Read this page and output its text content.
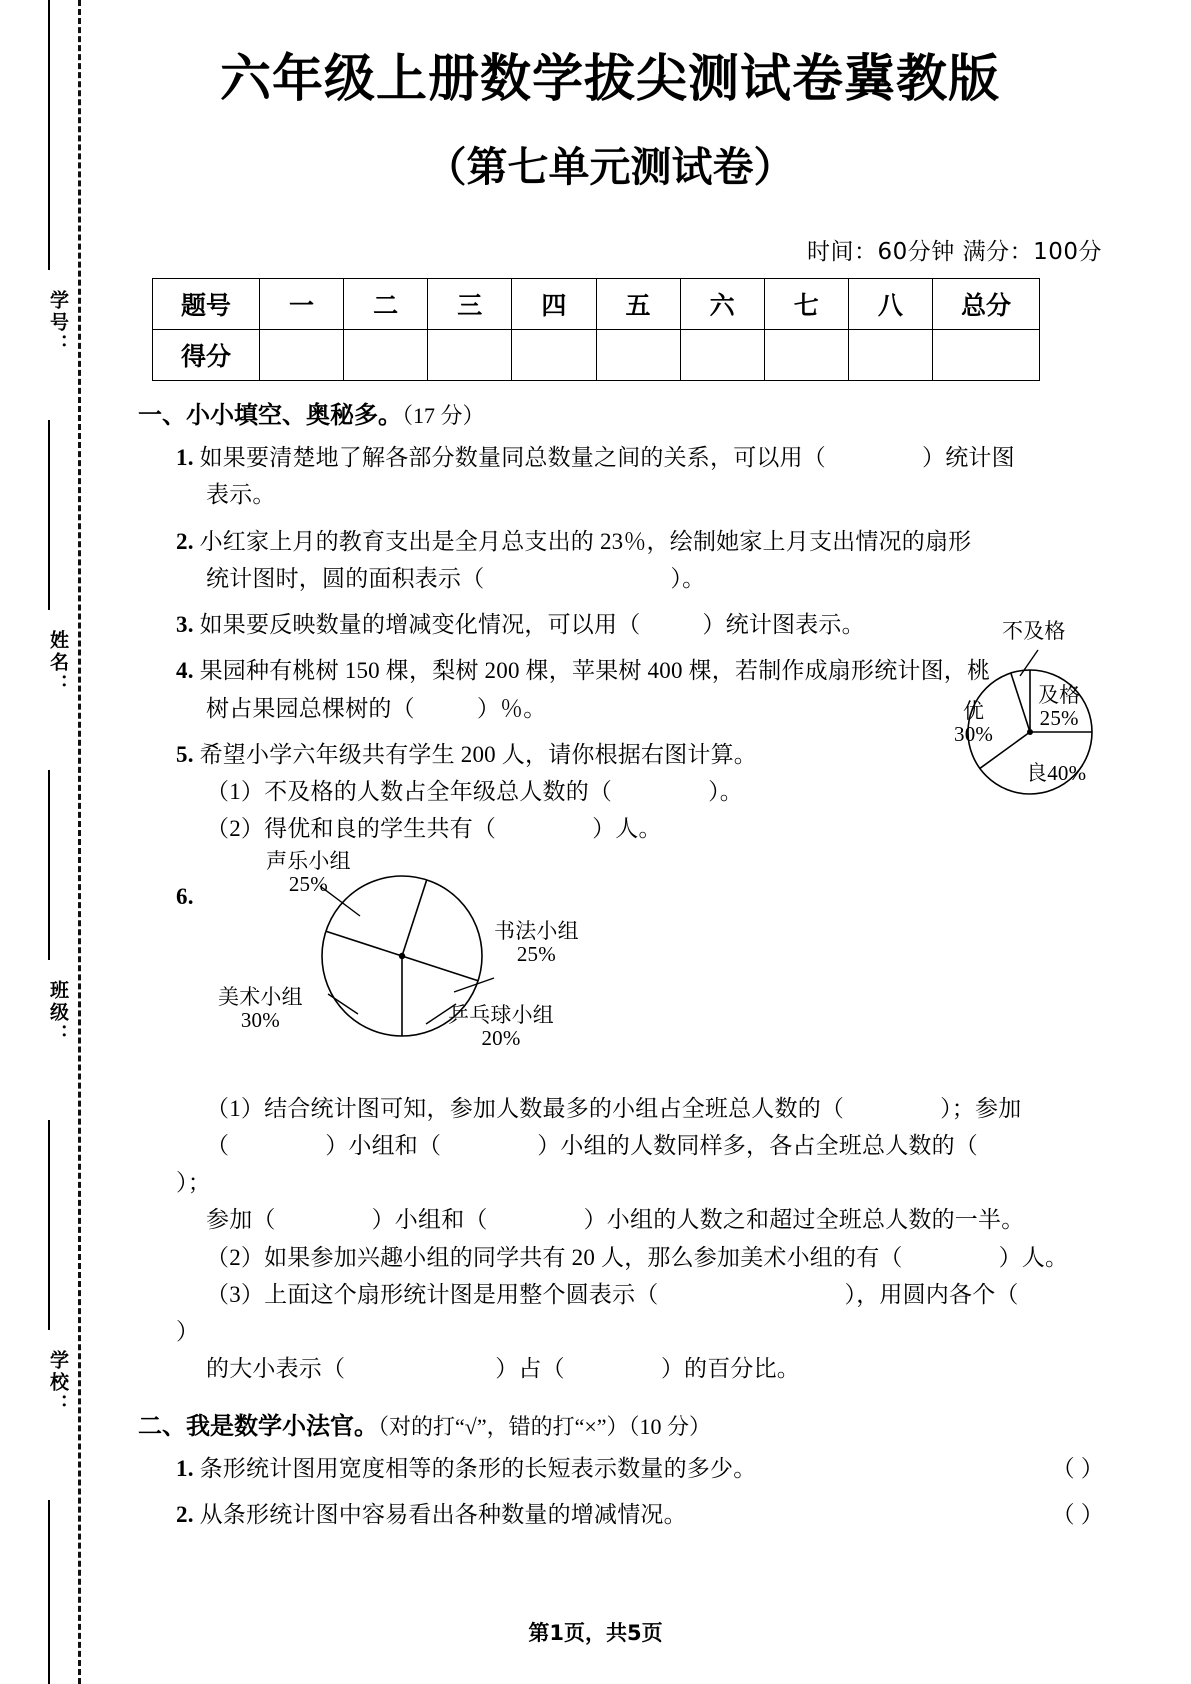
学号：
姓名：
班级：
学校：
六年级上册数学拔尖测试卷冀教版
（第七单元测试卷）
时间：60分钟 满分：100分
题号	一	二	三	四	五	六	七	八	总分
得分									
一、小小填空、奥秘多。（17 分）
1. 如果要清楚地了解各部分数量同总数量之间的关系，可以用（	）统计图
表示。
2. 小红家上月的教育支出是全月总支出的 23％，绘制她家上月支出情况的扇形
统计图时，圆的面积表示（	）。
3. 如果要反映数量的增减变化情况，可以用（	）统计图表示。
4. 果园种有桃树 150 棵，梨树 200 棵，苹果树 400 棵，若制作成扇形统计图，桃
树占果园总棵树的（	）％。
5. 希望小学六年级共有学生 200 人，请你根据右图计算。
（1）不及格的人数占全年级总人数的（	）。
（2）得优和良的学生共有（	）人。
不及格
优
30%
及格
25%
良40%
6.
声乐小组
25%
书法小组
25%
美术小组
30%	乒乓球小组
20%
（1）结合统计图可知，参加人数最多的小组占全班总人数的（	）；参加
（	）小组和（	）小组的人数同样多，各占全班总人数的（）；
参加（	）小组和（	）小组的人数之和超过全班总人数的一半。
（2）如果参加兴趣小组的同学共有 20 人，那么参加美术小组的有（	）人。
（3）上面这个扇形统计图是用整个圆表示（	），用圆内各个（）
的大小表示（	）占（	）的百分比。
二、我是数学小法官。（对的打“√”，错的打“×”）（10 分）
（ ）
1. 条形统计图用宽度相等的条形的长短表示数量的多少。
（ ）
2. 从条形统计图中容易看出各种数量的增减情况。
第1页，共5页
